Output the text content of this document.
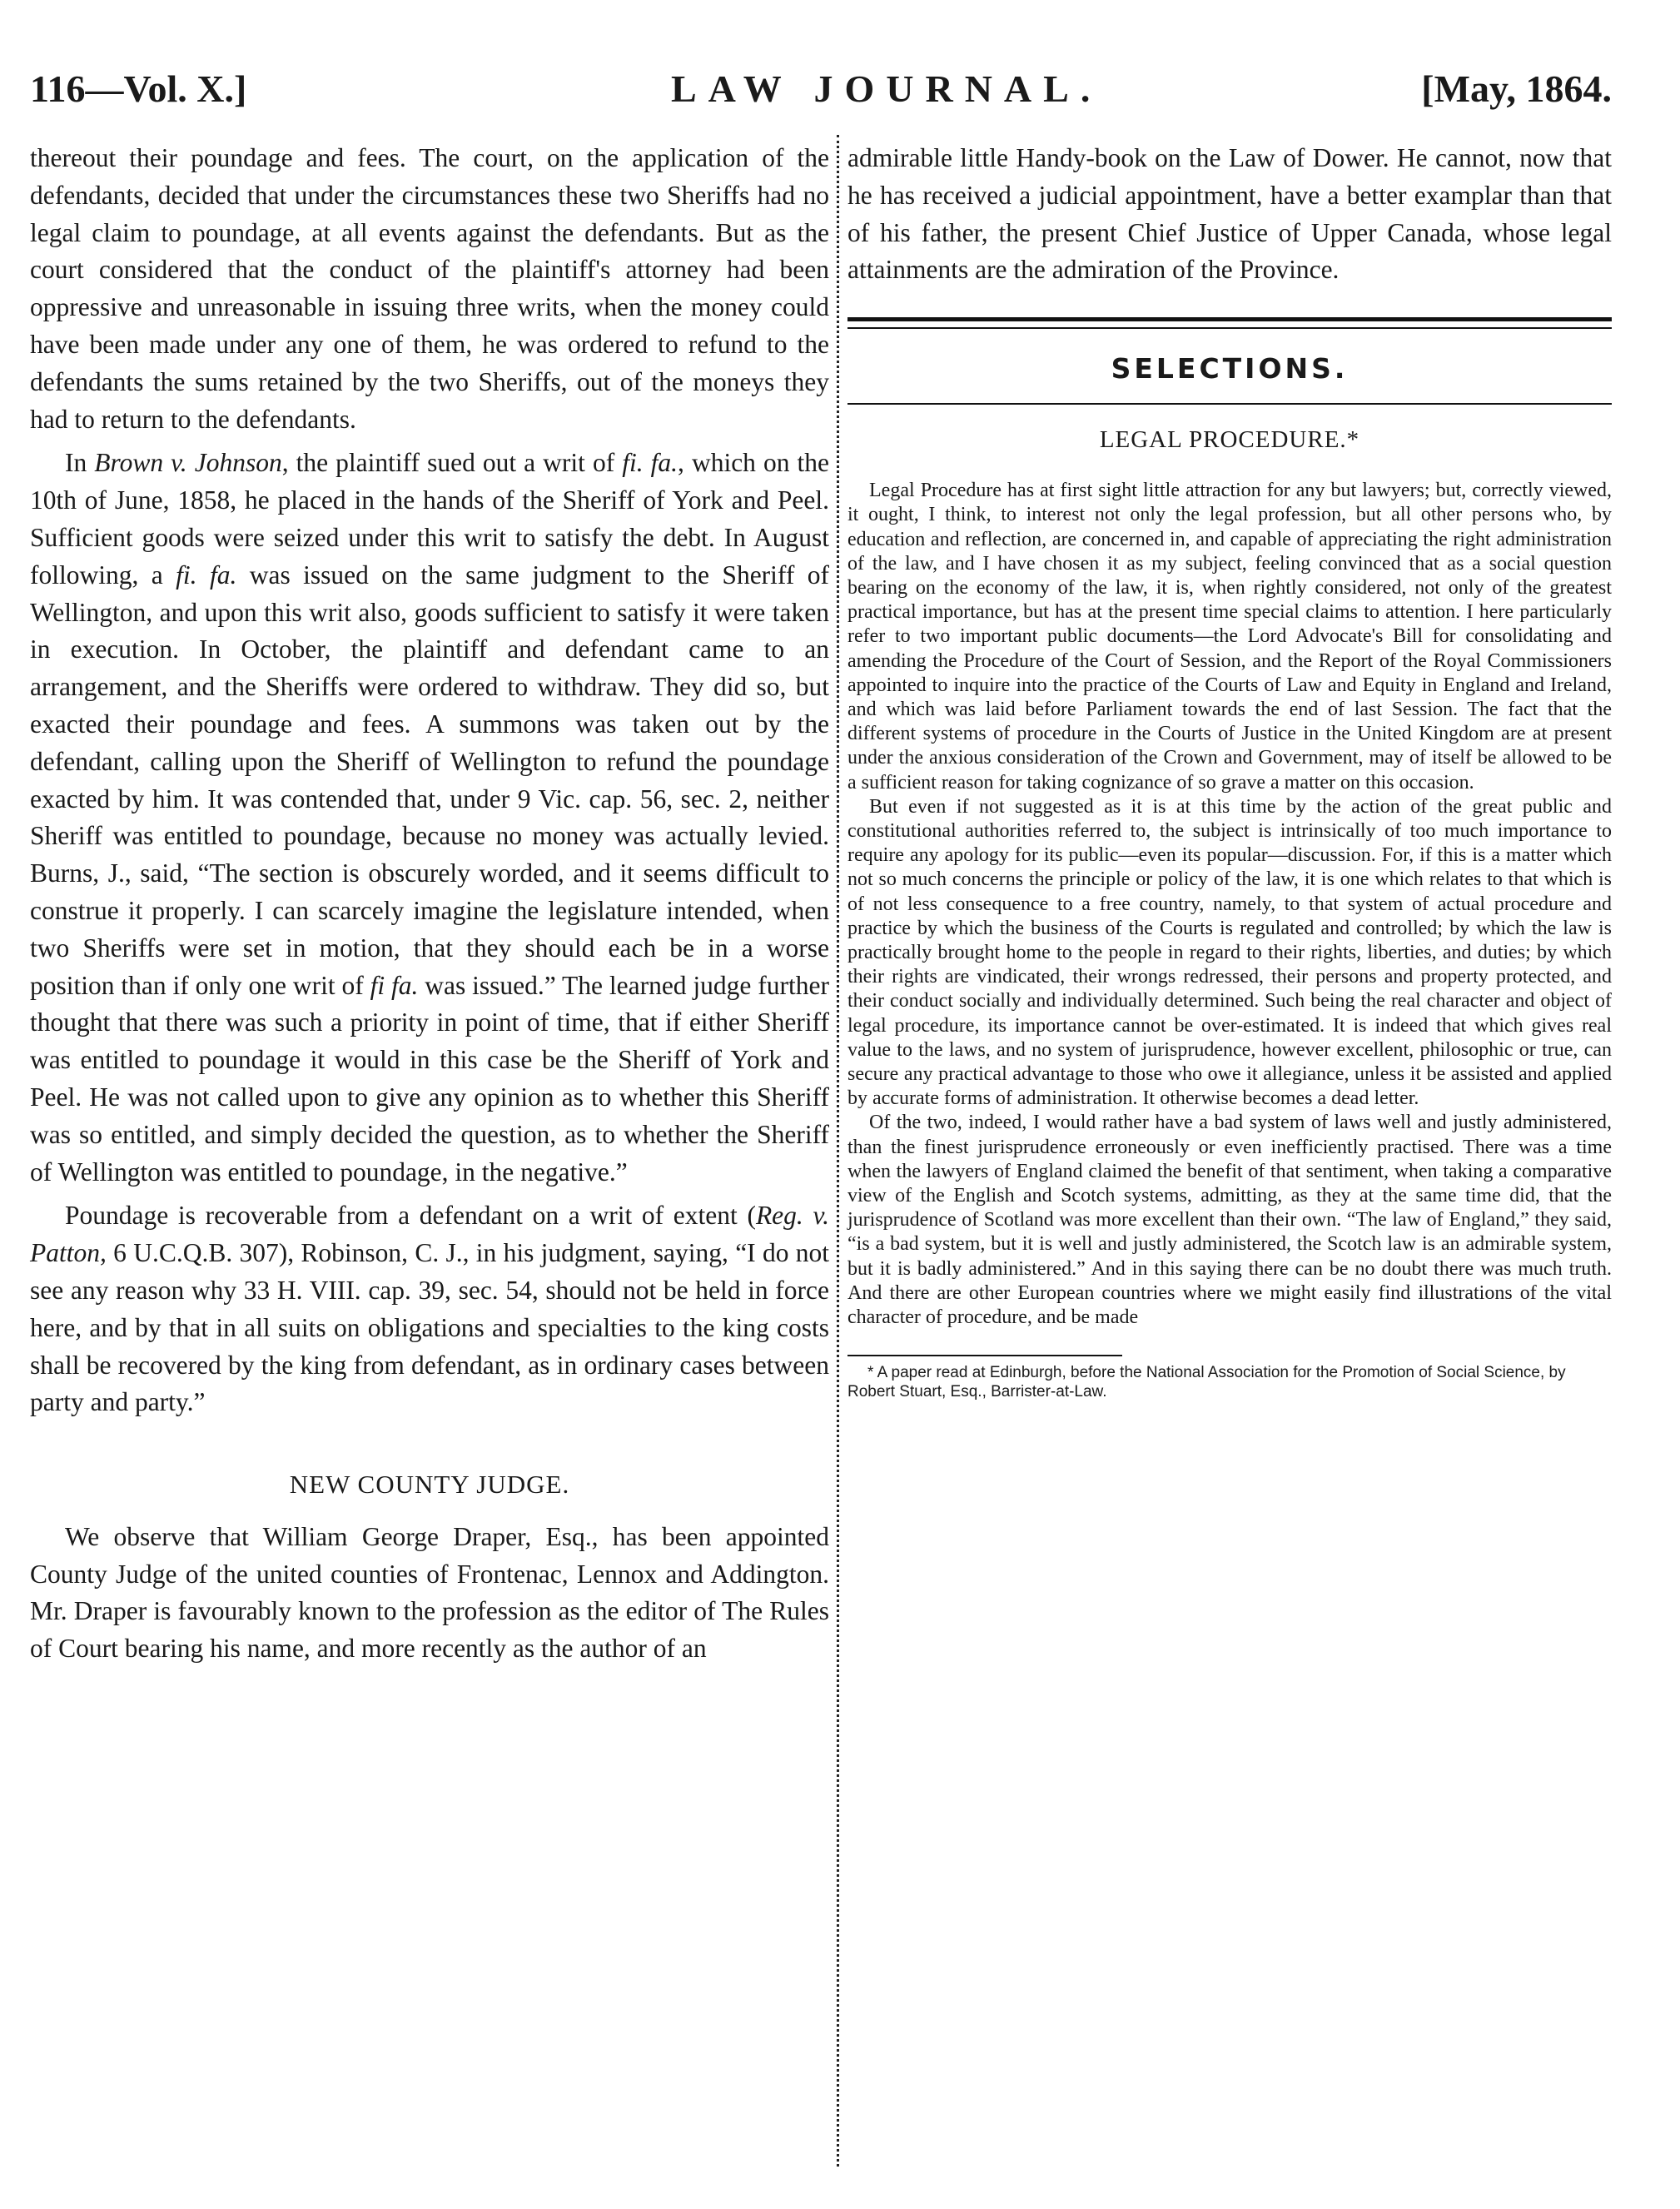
116—Vol. X.]	LAW JOURNAL.	[May, 1864.

thereout their poundage and fees. The court, on the application of the defendants, decided that under the circumstances these two Sheriffs had no legal claim to poundage, at all events against the defendants. But as the court considered that the conduct of the plaintiff's attorney had been oppressive and unreasonable in issuing three writs, when the money could have been made under any one of them, he was ordered to refund to the defendants the sums retained by the two Sheriffs, out of the moneys they had to return to the defendants.

In Brown v. Johnson, the plaintiff sued out a writ of fi. fa., which on the 10th of June, 1858, he placed in the hands of the Sheriff of York and Peel. Sufficient goods were seized under this writ to satisfy the debt. In August following, a fi. fa. was issued on the same judgment to the Sheriff of Wellington, and upon this writ also, goods sufficient to satisfy it were taken in execution. In October, the plaintiff and defendant came to an arrangement, and the Sheriffs were ordered to withdraw. They did so, but exacted their poundage and fees. A summons was taken out by the defendant, calling upon the Sheriff of Wellington to refund the poundage exacted by him. It was contended that, under 9 Vic. cap. 56, sec. 2, neither Sheriff was entitled to poundage, because no money was actually levied. Burns, J., said, “The section is obscurely worded, and it seems difficult to construe it properly. I can scarcely imagine the legislature intended, when two Sheriffs were set in motion, that they should each be in a worse position than if only one writ of fi fa. was issued.” The learned judge further thought that there was such a priority in point of time, that if either Sheriff was entitled to poundage it would in this case be the Sheriff of York and Peel. He was not called upon to give any opinion as to whether this Sheriff was so entitled, and simply decided the question, as to whether the Sheriff of Wellington was entitled to poundage, in the negative.”

Poundage is recoverable from a defendant on a writ of extent (Reg. v. Patton, 6 U.C.Q.B. 307), Robinson, C. J., in his judgment, saying, “I do not see any reason why 33 H. VIII. cap. 39, sec. 54, should not be held in force here, and by that in all suits on obligations and specialties to the king costs shall be recovered by the king from defendant, as in ordinary cases between party and party.”

NEW COUNTY JUDGE.

We observe that William George Draper, Esq., has been appointed County Judge of the united counties of Frontenac, Lennox and Addington. Mr. Draper is favourably known to the profession as the editor of The Rules of Court bearing his name, and more recently as the author of an

admirable little Handy-book on the Law of Dower. He cannot, now that he has received a judicial appointment, have a better examplar than that of his father, the present Chief Justice of Upper Canada, whose legal attainments are the admiration of the Province.

SELECTIONS.
LEGAL PROCEDURE.*

Legal Procedure has at first sight little attraction for any but lawyers; but, correctly viewed, it ought, I think, to interest not only the legal profession, but all other persons who, by education and reflection, are concerned in, and capable of appreciating the right administration of the law, and I have chosen it as my subject, feeling convinced that as a social question bearing on the economy of the law, it is, when rightly considered, not only of the greatest practical importance, but has at the present time special claims to attention. I here particularly refer to two important public documents—the Lord Advocate's Bill for consolidating and amending the Procedure of the Court of Session, and the Report of the Royal Commissioners appointed to inquire into the practice of the Courts of Law and Equity in England and Ireland, and which was laid before Parliament towards the end of last Session. The fact that the different systems of procedure in the Courts of Justice in the United Kingdom are at present under the anxious consideration of the Crown and Government, may of itself be allowed to be a sufficient reason for taking cognizance of so grave a matter on this occasion.

But even if not suggested as it is at this time by the action of the great public and constitutional authorities referred to, the subject is intrinsically of too much importance to require any apology for its public—even its popular—discussion. For, if this is a matter which not so much concerns the principle or policy of the law, it is one which relates to that which is of not less consequence to a free country, namely, to that system of actual procedure and practice by which the business of the Courts is regulated and controlled; by which the law is practically brought home to the people in regard to their rights, liberties, and duties; by which their rights are vindicated, their wrongs redressed, their persons and property protected, and their conduct socially and individually determined. Such being the real character and object of legal procedure, its importance cannot be over-estimated. It is indeed that which gives real value to the laws, and no system of jurisprudence, however excellent, philosophic or true, can secure any practical advantage to those who owe it allegiance, unless it be assisted and applied by accurate forms of administration. It otherwise becomes a dead letter.

Of the two, indeed, I would rather have a bad system of laws well and justly administered, than the finest jurisprudence erroneously or even inefficiently practised. There was a time when the lawyers of England claimed the benefit of that sentiment, when taking a comparative view of the English and Scotch systems, admitting, as they at the same time did, that the jurisprudence of Scotland was more excellent than their own. “The law of England,” they said, “is a bad system, but it is well and justly administered, the Scotch law is an admirable system, but it is badly administered.” And in this saying there can be no doubt there was much truth. And there are other European countries where we might easily find illustrations of the vital character of procedure, and be made

* A paper read at Edinburgh, before the National Association for the Promotion of Social Science, by Robert Stuart, Esq., Barrister-at-Law.
